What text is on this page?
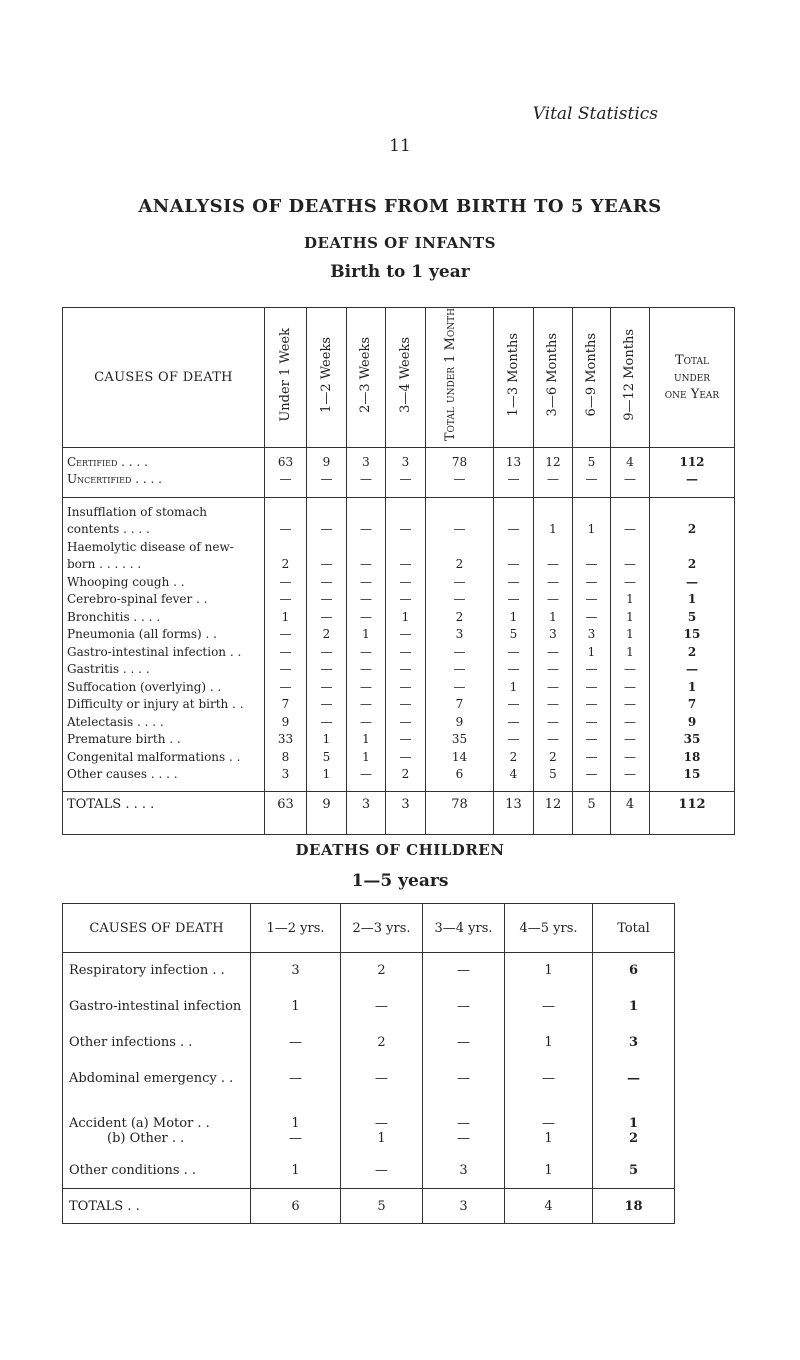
Vital Statistics
11
ANALYSIS OF DEATHS FROM BIRTH TO 5 YEARS
DEATHS OF INFANTS
Birth to 1 year
CAUSES OF DEATH	Under 1 Week	1—2 Weeks	2—3 Weeks	3—4 Weeks	Total under 1 Month	1—3 Months	3—6 Months	6—9 Months	9—12 Months	Total under one Year

Certified . . . .	63	9	3	3	78	13	12	5	4	112

Uncertified . . . .	—	—	—	—	—	—	—	—	—	—

Insufflation of stomach
contents . . . .	—	—	—	—	—	—	1	1	—	2

Haemolytic disease of new-
born . . . . . .	2	—	—	—	2	—	—	—	—	2

Whooping cough . .	—	—	—	—	—	—	—	—	—	—

Cerebro-spinal fever . .	—	—	—	—	—	—	—	—	1	1

Bronchitis . . . .	1	—	—	1	2	1	1	—	1	5

Pneumonia (all forms) . .	—	2	1	—	3	5	3	3	1	15

Gastro-intestinal infection . .	—	—	—	—	—	—	—	1	1	2

Gastritis . . . .	—	—	—	—	—	—	—	—	—	—

Suffocation (overlying) . .	—	—	—	—	—	1	—	—	—	1

Difficulty or injury at birth . .	7	—	—	—	7	—	—	—	—	7

Atelectasis . . . .	9	—	—	—	9	—	—	—	—	9

Premature birth . .	33	1	1	—	35	—	—	—	—	35

Congenital malformations . .	8	5	1	—	14	2	2	—	—	18

Other causes . . . .	3	1	—	2	6	4	5	—	—	15

TOTALS . . . .	63	9	3	3	78	13	12	5	4	112
DEATHS OF CHILDREN
1—5 years
CAUSES OF DEATH	1—2 yrs.	2—3 yrs.	3—4 yrs.	4—5 yrs.	Total
Respiratory infection . .	3	2	—	1	6
Gastro-intestinal infection	1	—	—	—	1
Other infections . .	—	2	—	1	3
Abdominal emergency . .	—	—	—	—	—
Accident (a) Motor . .	1	—	—	—	1
(b) Other . .	—	1	—	1	2
Other conditions . .	1	—	3	1	5
TOTALS . .	6	5	3	4	18
